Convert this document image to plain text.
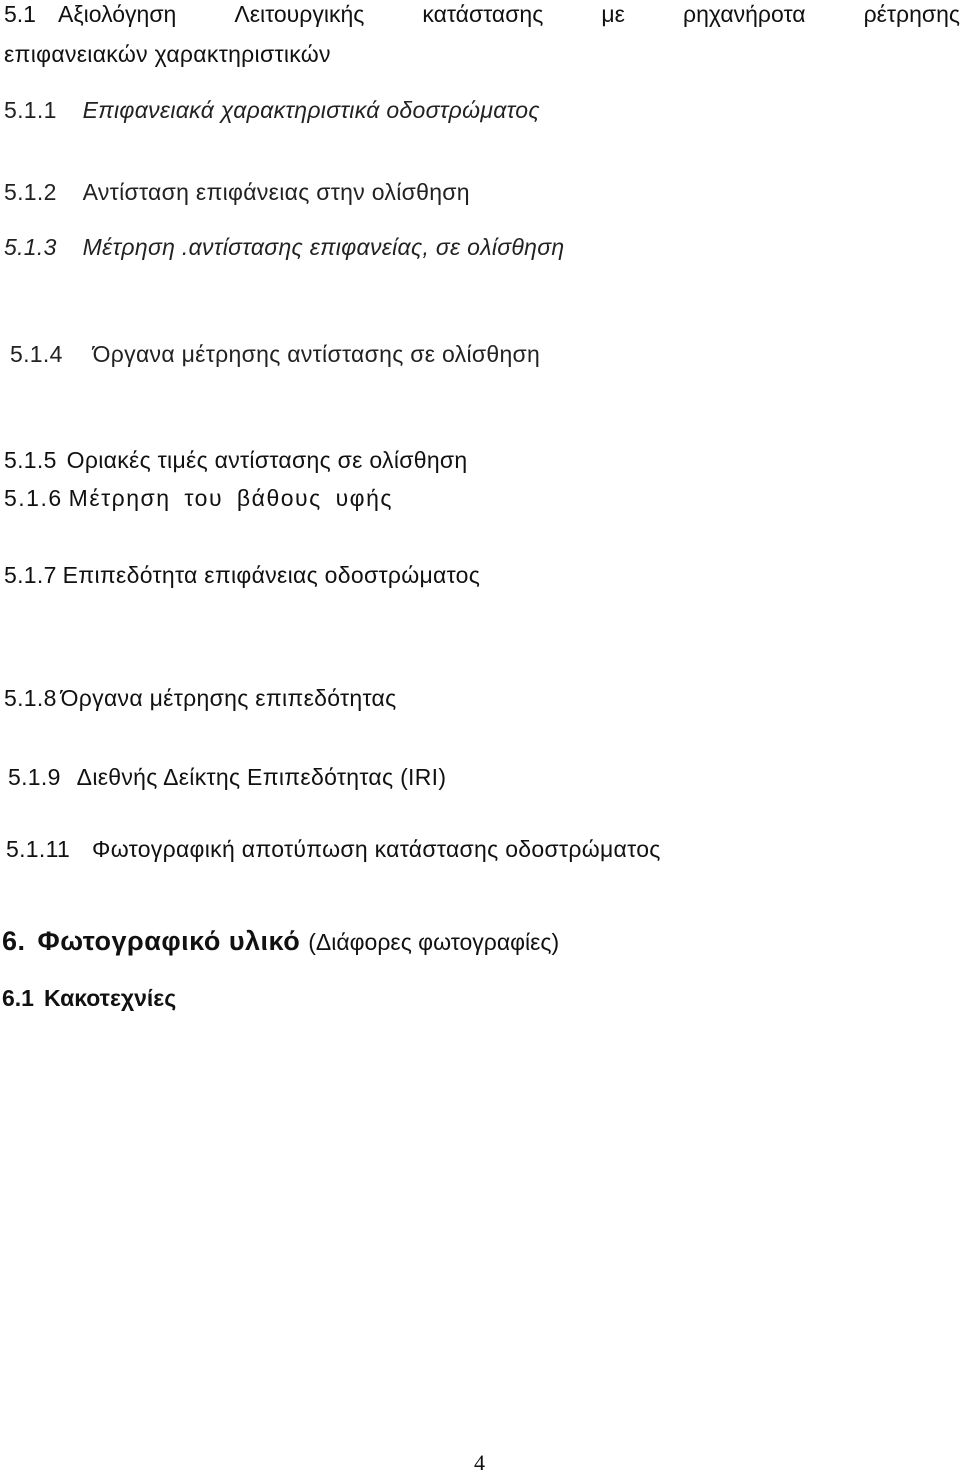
5.1 Αξιολόγηση	Λειτουργικής	κατάστασης	με	ρηχανήροτα	ρέτρησης
επιφανειακών χαρακτηριστικών
5.1.1 Επιφανειακά χαρακτηριστικά οδοστρώματος
5.1.2 Αντίσταση επιφάνειας στην ολίσθηση
5.1.3 Μέτρηση .αντίστασης επιφανείας, σε ολίσθηση
5.1.4 Όργανα μέτρησης αντίστασης σε ολίσθηση
5.1.5 Οριακές τιμές αντίστασης σε ολίσθηση
5.1.6 Μέτρηση του βάθους υφής
5.1.7 Επιπεδότητα επιφάνειας οδοστρώματος
5.1.8 Όργανα μέτρησης επιπεδότητας
5.1.9 Διεθνής Δείκτης Επιπεδότητας (IRI)
5.1.11 Φωτογραφική αποτύπωση κατάστασης οδοστρώματος
6. Φωτογραφικό υλικό (Διάφορες φωτογραφίες)
6.1 Κακοτεχνίες
4
